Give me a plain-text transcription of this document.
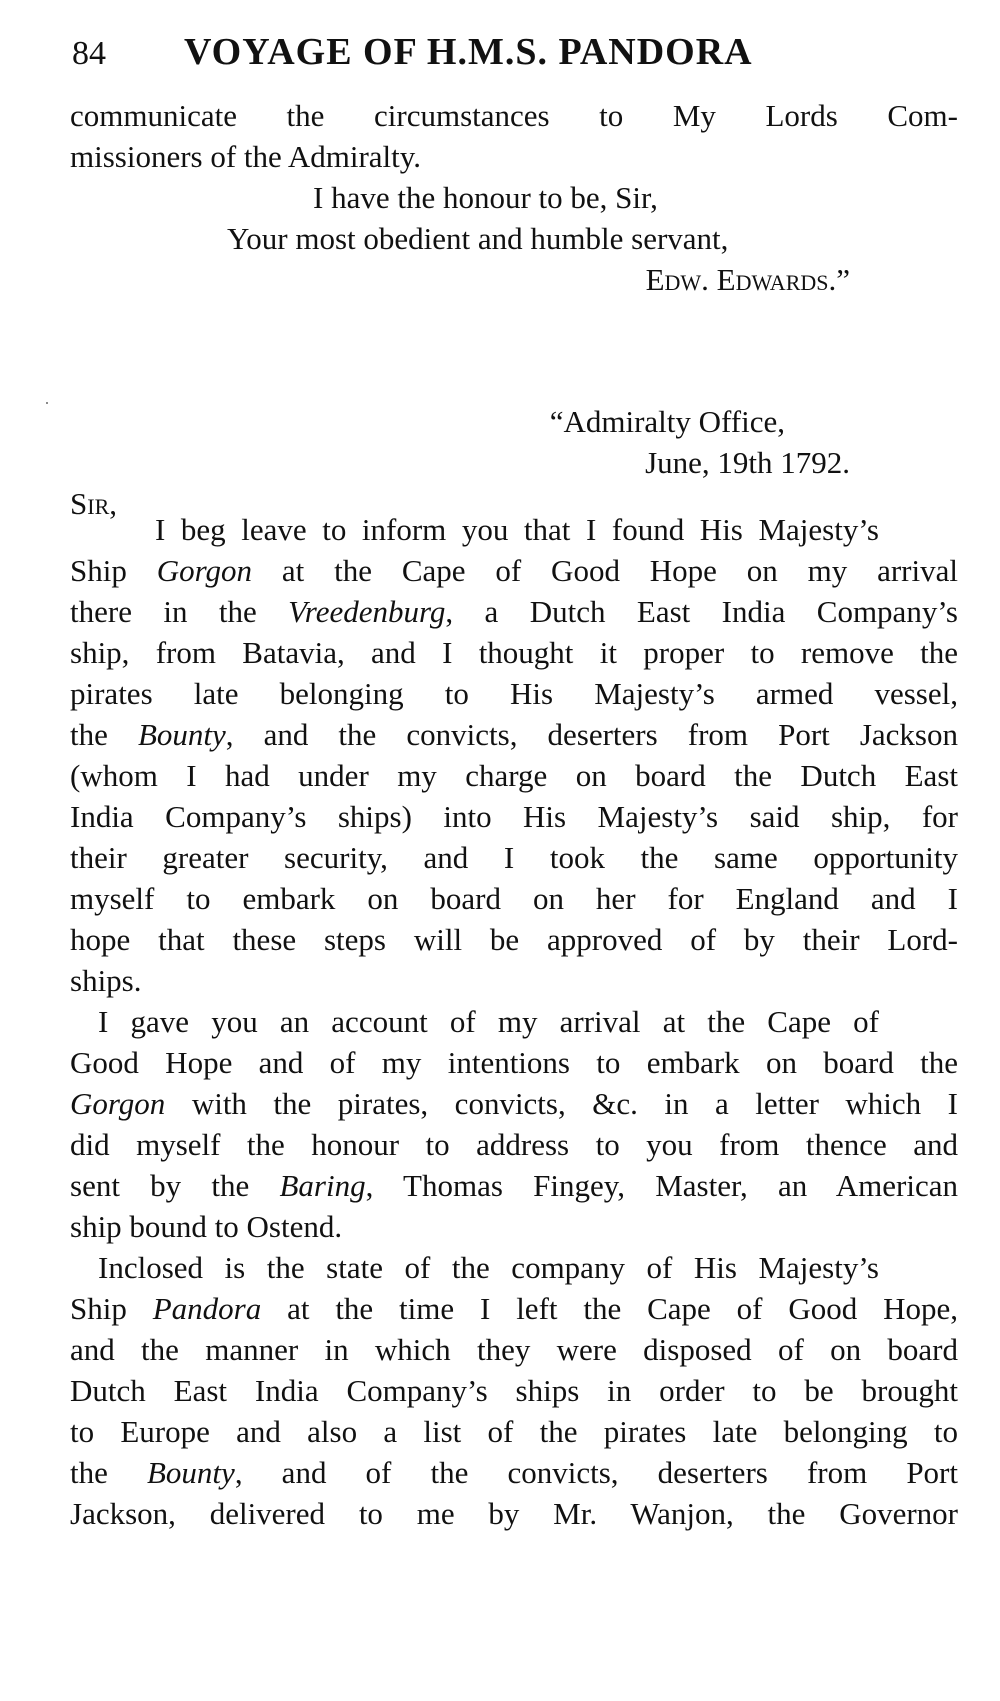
84 VOYAGE OF H.M.S. PANDORA
communicate the circumstances to My Lords Com-
missioners of the Admiralty.
I have the honour to be, Sir,
Your most obedient and humble servant,
Edw. Edwards.”
“Admiralty Office,
June, 19th 1792.
Sir,
I beg leave to inform you that I found His Majesty’s
Ship Gorgon at the Cape of Good Hope on my arrival
there in the Vreedenburg, a Dutch East India Company’s
ship, from Batavia, and I thought it proper to remove the
pirates late belonging to His Majesty’s armed vessel,
the Bounty, and the convicts, deserters from Port Jackson
(whom I had under my charge on board the Dutch East
India Company’s ships) into His Majesty’s said ship, for
their greater security, and I took the same opportunity
myself to embark on board on her for England and I
hope that these steps will be approved of by their Lord-
ships.
I gave you an account of my arrival at the Cape of
Good Hope and of my intentions to embark on board the
Gorgon with the pirates, convicts, &c. in a letter which I
did myself the honour to address to you from thence and
sent by the Baring, Thomas Fingey, Master, an American
ship bound to Ostend.
Inclosed is the state of the company of His Majesty’s
Ship Pandora at the time I left the Cape of Good Hope,
and the manner in which they were disposed of on board
Dutch East India Company’s ships in order to be brought
to Europe and also a list of the pirates late belonging to
the Bounty, and of the convicts, deserters from Port
Jackson, delivered to me by Mr. Wanjon, the Governor
